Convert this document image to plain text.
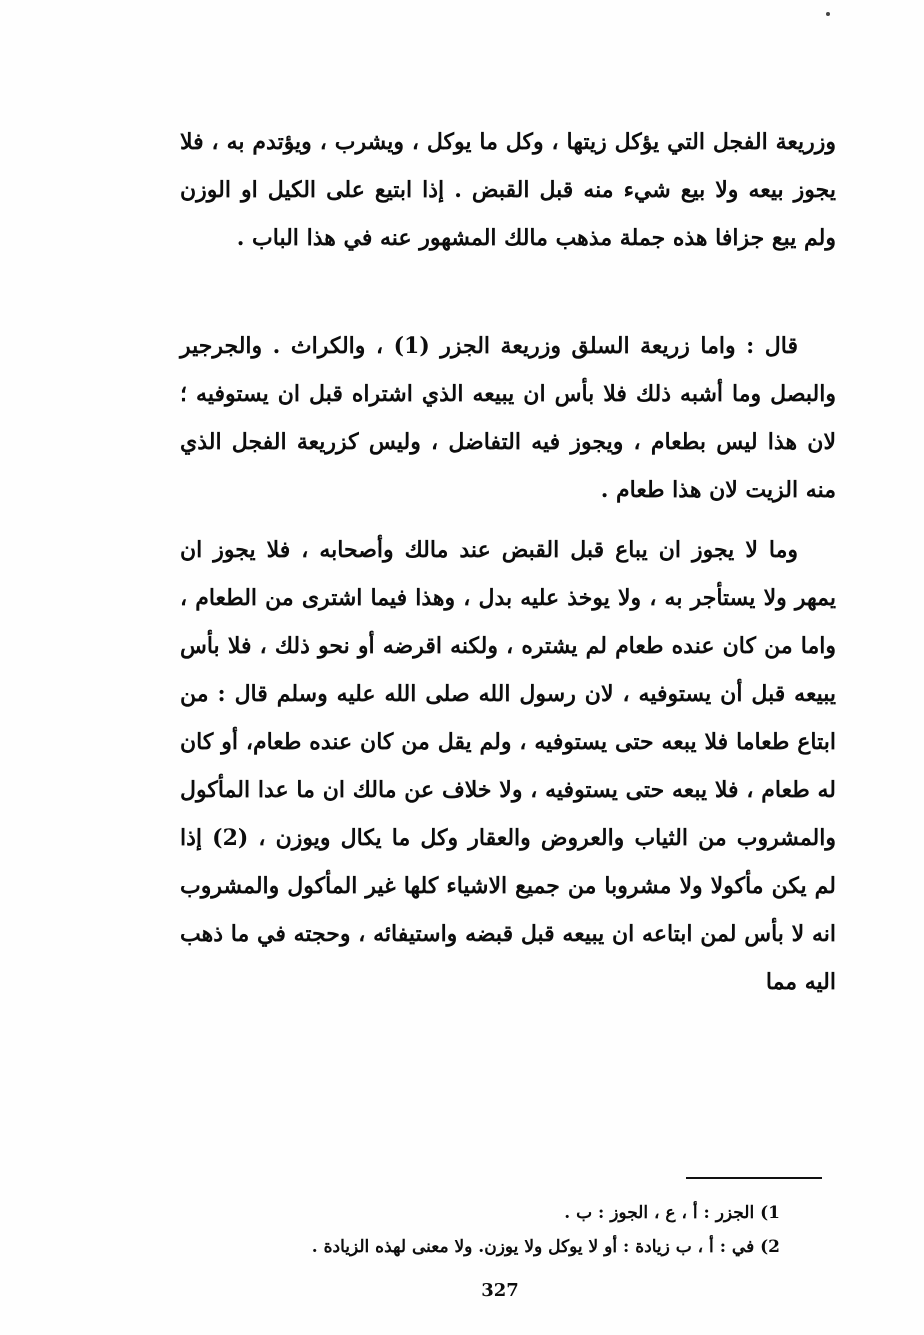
وزريعة الفجل التي يؤكل زيتها ، وكل ما يوكل ، ويشرب ، ويؤتدم به ، فلا يجوز بيعه ولا بيع شيء منه قبل القبض . إذا ابتيع على الكيل او الوزن ولم يبع جزافا هذه جملة مذهب مالك المشهور عنه في هذا الباب .

قال : واما زريعة السلق وزريعة الجزر (1) ، والكراث . والجرجير والبصل وما أشبه ذلك فلا بأس ان يبيعه الذي اشتراه قبل ان يستوفيه ؛ لان هذا ليس بطعام ، ويجوز فيه التفاضل ، وليس كزريعة الفجل الذي منه الزيت لان هذا طعام .

وما لا يجوز ان يباع قبل القبض عند مالك وأصحابه ، فلا يجوز ان يمهر ولا يستأجر به ، ولا يوخذ عليه بدل ، وهذا فيما اشترى من الطعام ، واما من كان عنده طعام لم يشتره ، ولكنه اقرضه أو نحو ذلك ، فلا بأس يبيعه قبل أن يستوفيه ، لان رسول الله صلى الله عليه وسلم قال : من ابتاع طعاما فلا يبعه حتى يستوفيه ، ولم يقل من كان عنده طعام، أو كان له طعام ، فلا يبعه حتى يستوفيه ، ولا خلاف عن مالك ان ما عدا المأكول والمشروب من الثياب والعروض والعقار وكل ما يكال ويوزن ، (2) إذا لم يكن مأكولا ولا مشروبا من جميع الاشياء كلها غير المأكول والمشروب انه لا بأس لمن ابتاعه ان يبيعه قبل قبضه واستيفائه ، وحجته في ما ذهب اليه مما

1) الجزر : أ ، ع ، الجوز : ب .
2) في : أ ، ب زيادة : أو لا يوكل ولا يوزن. ولا معنى لهذه الزيادة .
327
